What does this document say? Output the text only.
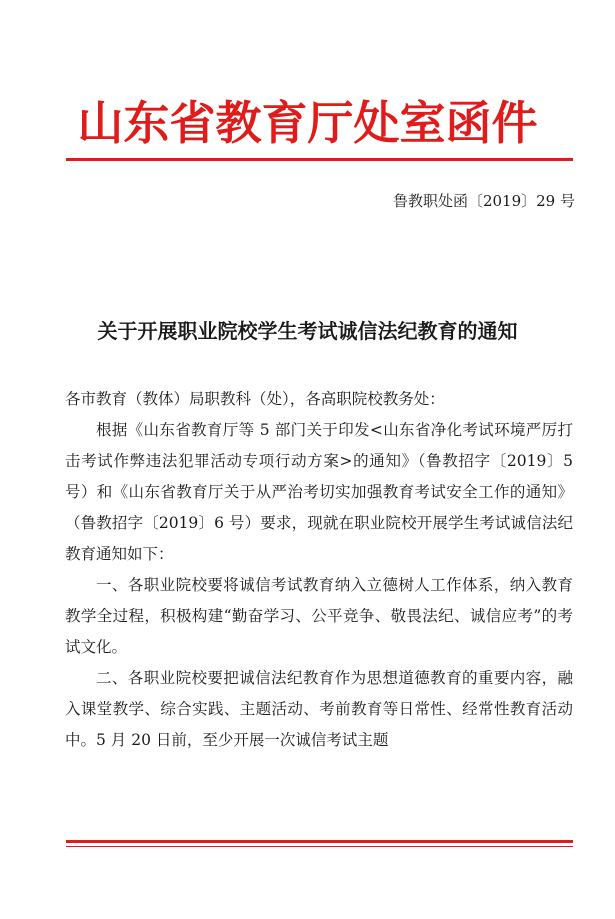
山东省教育厅处室函件
鲁教职处函〔2019〕29 号
关于开展职业院校学生考试诚信法纪教育的通知

各市教育（教体）局职教科（处），各高职院校教务处：

根据《山东省教育厅等 5 部门关于印发<山东省净化考试环境严厉打击考试作弊违法犯罪活动专项行动方案>的通知》（鲁教招字〔2019〕5 号）和《山东省教育厅关于从严治考切实加强教育考试安全工作的通知》（鲁教招字〔2019〕6 号）要求，现就在职业院校开展学生考试诚信法纪教育通知如下：

一、各职业院校要将诚信考试教育纳入立德树人工作体系，纳入教育教学全过程，积极构建“勤奋学习、公平竞争、敬畏法纪、诚信应考”的考试文化。

二、各职业院校要把诚信法纪教育作为思想道德教育的重要内容，融入课堂教学、综合实践、主题活动、考前教育等日常性、经常性教育活动中。5 月 20 日前，至少开展一次诚信考试主题
